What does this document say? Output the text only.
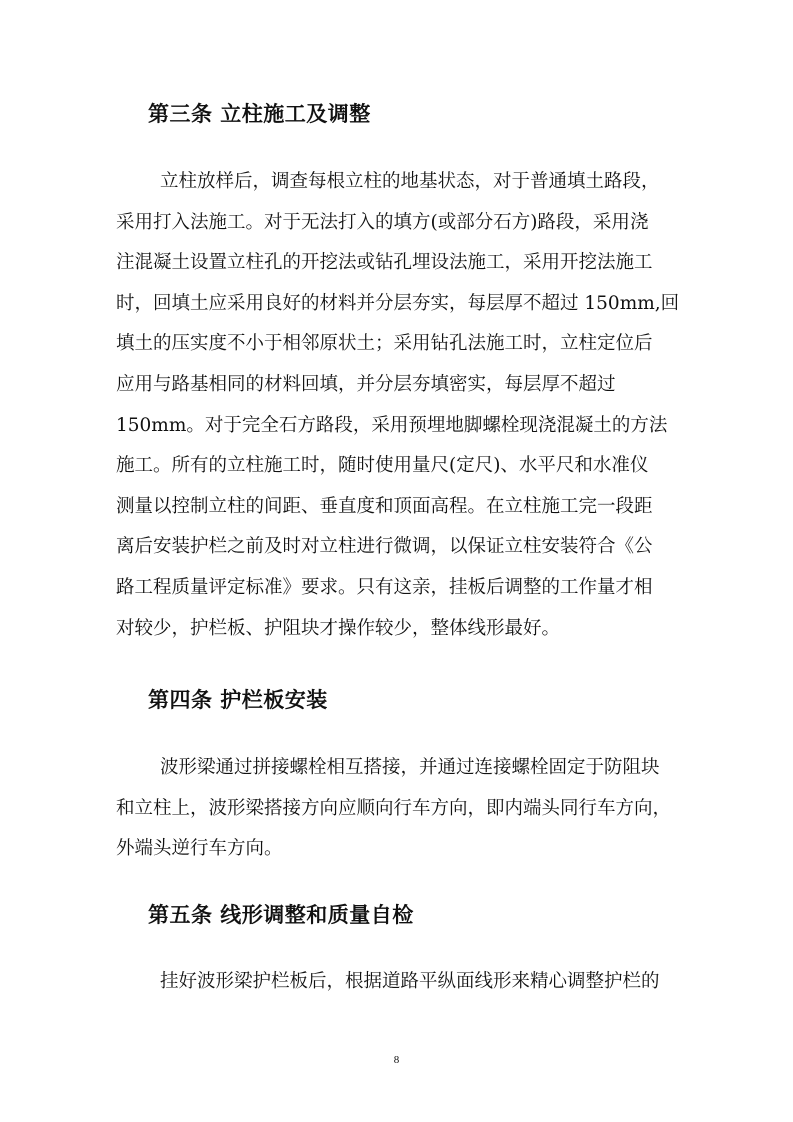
第三条 立柱施工及调整
立柱放样后，调查每根立柱的地基状态，对于普通填土路段，
采用打入法施工。对于无法打入的填方(或部分石方)路段，采用浇
注混凝土设置立柱孔的开挖法或钻孔埋设法施工，采用开挖法施工
时，回填土应采用良好的材料并分层夯实，每层厚不超过 150mm,回
填土的压实度不小于相邻原状土；采用钻孔法施工时，立柱定位后
应用与路基相同的材料回填，并分层夯填密实，每层厚不超过
150mm。对于完全石方路段，采用预埋地脚螺栓现浇混凝土的方法
施工。所有的立柱施工时，随时使用量尺(定尺)、水平尺和水准仪
测量以控制立柱的间距、垂直度和顶面高程。在立柱施工完一段距
离后安装护栏之前及时对立柱进行微调，以保证立柱安装符合《公
路工程质量评定标准》要求。只有这亲，挂板后调整的工作量才相
对较少，护栏板、护阻块才操作较少，整体线形最好。
第四条 护栏板安装
波形梁通过拼接螺栓相互搭接，并通过连接螺栓固定于防阻块
和立柱上，波形梁搭接方向应顺向行车方向，即内端头同行车方向，
外端头逆行车方向。
第五条 线形调整和质量自检
挂好波形梁护栏板后，根据道路平纵面线形来精心调整护栏的
8
